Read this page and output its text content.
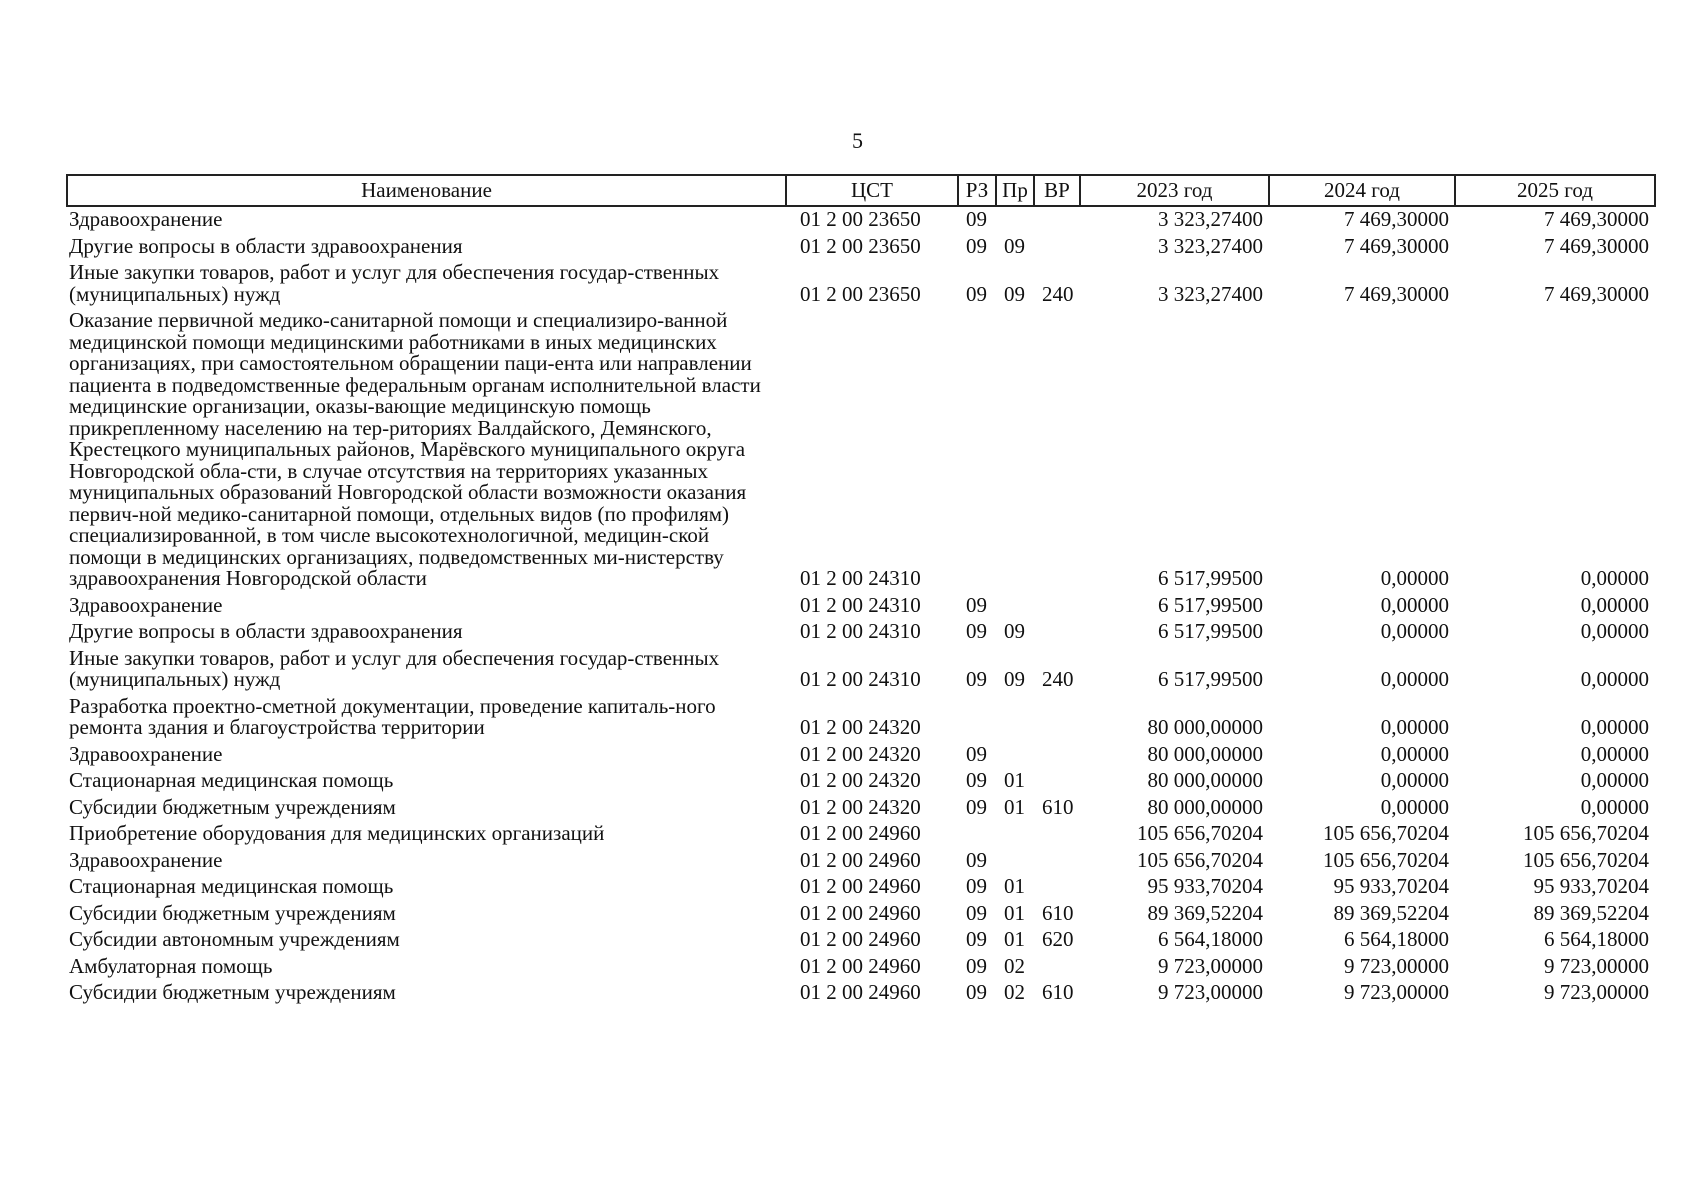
5
Наименование	ЦСТ	РЗ	Пр	ВР	2023 год	2024 год	2025 год
Здравоохранение	01 2 00 23650	09			3 323,27400	7 469,30000	7 469,30000
Другие вопросы в области здравоохранения	01 2 00 23650	09	09		3 323,27400	7 469,30000	7 469,30000
Иные закупки товаров, работ и услуг для обеспечения государ-ственных (муниципальных) нужд	01 2 00 23650	09	09	240	3 323,27400	7 469,30000	7 469,30000
Оказание первичной медико-санитарной помощи и специализиро-ванной медицинской помощи медицинскими работниками в иных медицинских организациях, при самостоятельном обращении паци-ента или направлении пациента в подведомственные федеральным органам исполнительной власти медицинские организации, оказы-вающие медицинскую помощь прикрепленному населению на тер-риториях Валдайского, Демянского, Крестецкого муниципальных районов, Марёвского муниципального округа Новгородской обла-сти, в случае отсутствия на территориях указанных муниципальных образований Новгородской области возможности оказания первич-ной медико-санитарной помощи, отдельных видов (по профилям) специализированной, в том числе высокотехнологичной, медицин-ской помощи в медицинских организациях, подведомственных ми-нистерству здравоохранения Новгородской области	01 2 00 24310				6 517,99500	0,00000	0,00000
Здравоохранение	01 2 00 24310	09			6 517,99500	0,00000	0,00000
Другие вопросы в области здравоохранения	01 2 00 24310	09	09		6 517,99500	0,00000	0,00000
Иные закупки товаров, работ и услуг для обеспечения государ-ственных (муниципальных) нужд	01 2 00 24310	09	09	240	6 517,99500	0,00000	0,00000
Разработка проектно-сметной документации, проведение капиталь-ного ремонта здания и благоустройства территории	01 2 00 24320				80 000,00000	0,00000	0,00000
Здравоохранение	01 2 00 24320	09			80 000,00000	0,00000	0,00000
Стационарная медицинская помощь	01 2 00 24320	09	01		80 000,00000	0,00000	0,00000
Субсидии бюджетным учреждениям	01 2 00 24320	09	01	610	80 000,00000	0,00000	0,00000
Приобретение оборудования для медицинских организаций	01 2 00 24960				105 656,70204	105 656,70204	105 656,70204
Здравоохранение	01 2 00 24960	09			105 656,70204	105 656,70204	105 656,70204
Стационарная медицинская помощь	01 2 00 24960	09	01		95 933,70204	95 933,70204	95 933,70204
Субсидии бюджетным учреждениям	01 2 00 24960	09	01	610	89 369,52204	89 369,52204	89 369,52204
Субсидии автономным учреждениям	01 2 00 24960	09	01	620	6 564,18000	6 564,18000	6 564,18000
Амбулаторная помощь	01 2 00 24960	09	02		9 723,00000	9 723,00000	9 723,00000
Субсидии бюджетным учреждениям	01 2 00 24960	09	02	610	9 723,00000	9 723,00000	9 723,00000
